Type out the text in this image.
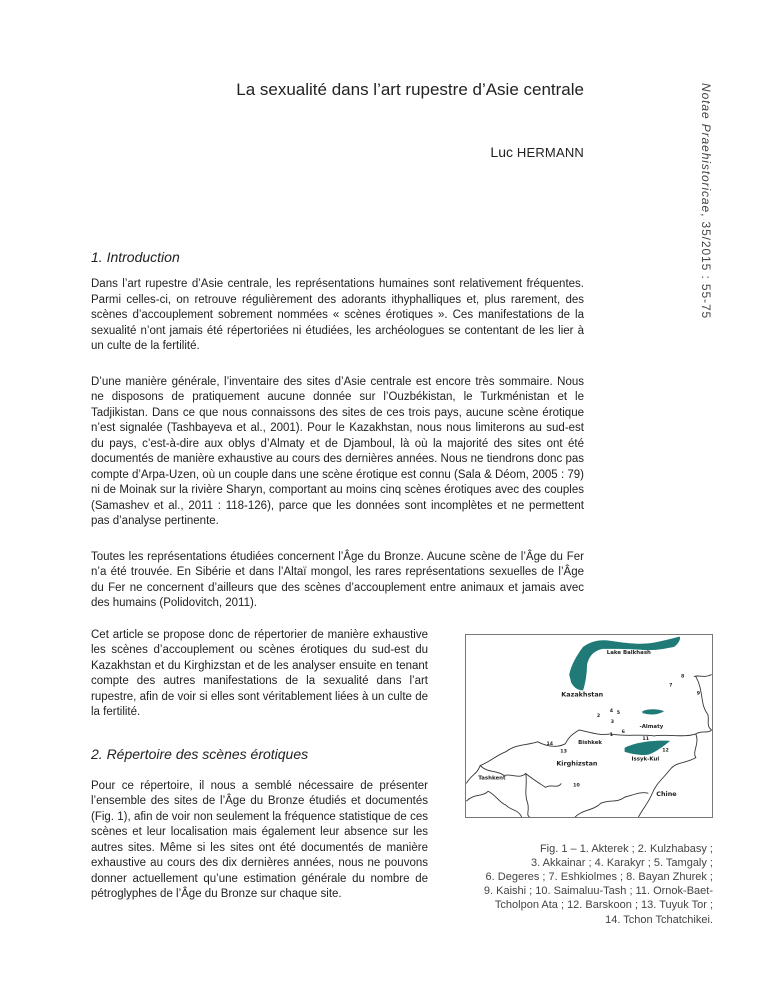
La sexualité dans l’art rupestre d’Asie centrale
Luc HERMANN	Notae Praehistoricae, 35/2015 : 55-75
1. Introduction

Dans l’art rupestre d’Asie centrale, les représentations humaines sont relativement fréquentes. Parmi celles-ci, on retrouve régulièrement des adorants ithyphalliques et, plus rarement, des scènes d’accouplement sobrement nommées « scènes érotiques ». Ces manifestations de la sexualité n’ont jamais été répertoriées ni étudiées, les archéologues se contentant de les lier à un culte de la fertilité.

D’une manière générale, l’inventaire des sites d’Asie centrale est encore très sommaire. Nous ne disposons de pratiquement aucune donnée sur l’Ouzbékistan, le Turkménistan et le Tadjikistan. Dans ce que nous connaissons des sites de ces trois pays, aucune scène érotique n’est signalée (Tashbayeva et al., 2001). Pour le Kazakhstan, nous nous limiterons au sud-est du pays, c’est-à-dire aux oblys d’Almaty et de Djamboul, là où la majorité des sites ont été documentés de manière exhaustive au cours des dernières années. Nous ne tiendrons donc pas compte d’Arpa-Uzen, où un couple dans une scène érotique est connu (Sala & Déom, 2005 : 79) ni de Moinak sur la rivière Sharyn, comportant au moins cinq scènes érotiques avec des couples (Samashev et al., 2011 : 118-126), parce que les données sont incomplètes et ne permettent pas d’analyse pertinente.

Toutes les représentations étudiées concernent l’Âge du Bronze. Aucune scène de l’Âge du Fer n’a été trouvée. En Sibérie et dans l’Altaï mongol, les rares représentations sexuelles de l’Âge du Fer ne concernent d’ailleurs que des scènes d’accouplement entre animaux et jamais avec des humains (Polidovitch, 2011).

Cet article se propose donc de répertorier de manière exhaustive les scènes d’accouplement ou scènes érotiques du sud-est du Kazakhstan et du Kirghizstan et de les analyser ensuite en tenant compte des autres manifestations de la sexualité dans l’art rupestre, afin de voir si elles sont véritablement liées à un culte de la fertilité.

2. Répertoire des scènes érotiques

Pour ce répertoire, il nous a semblé nécessaire de présenter l’ensemble des sites de l’Âge du Bronze étudiés et documentés (Fig. 1), afin de voir non seulement la fréquence statistique de ces scènes et leur localisation mais également leur absence sur les autres sites. Même si les sites ont été documentés de manière exhaustive au cours des dix dernières années, nous ne pouvons donner actuellement qu’une estimation générale du nombre de pétroglyphes de l’Âge du Bronze sur chaque site.

Lake Balkhash
Kazakhstan
-Almaty
Bishkek
Kirghizstan	Issyk-Kul
Tashkent
Chine
1
2
3
4 5
6
7
8
9
10
11
12
13
14
Fig. 1 – 1. Akterek ; 2. Kulzhabasy ;
3. Akkainar ; 4. Karakyr ; 5. Tamgaly ;
6. Degeres ; 7. Eshkiolmes ; 8. Bayan Zhurek ;
9. Kaishi ; 10. Saimaluu-Tash ; 11. Ornok-Baet-
Tcholpon Ata ; 12. Barskoon ; 13. Tuyuk Tor ;
14. Tchon Tchatchikei.
